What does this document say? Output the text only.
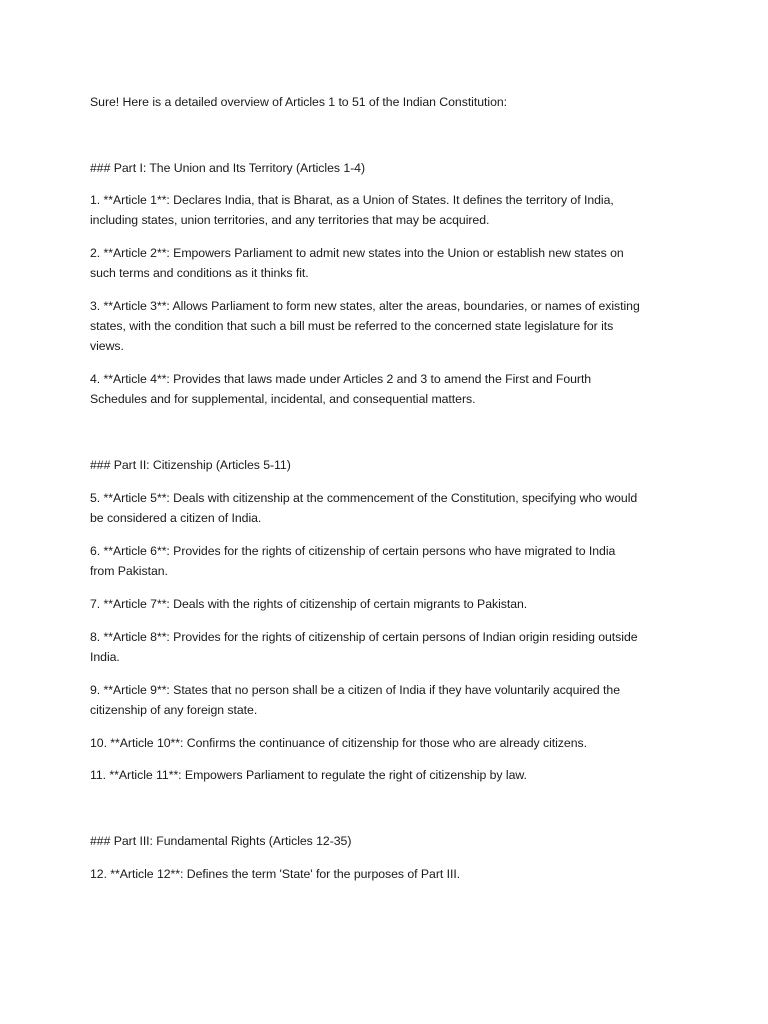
Sure! Here is a detailed overview of Articles 1 to 51 of the Indian Constitution:
### Part I: The Union and Its Territory (Articles 1-4)
1. **Article 1**: Declares India, that is Bharat, as a Union of States. It defines the territory of India,
including states, union territories, and any territories that may be acquired.
2. **Article 2**: Empowers Parliament to admit new states into the Union or establish new states on
such terms and conditions as it thinks fit.
3. **Article 3**: Allows Parliament to form new states, alter the areas, boundaries, or names of existing
states, with the condition that such a bill must be referred to the concerned state legislature for its
views.
4. **Article 4**: Provides that laws made under Articles 2 and 3 to amend the First and Fourth
Schedules and for supplemental, incidental, and consequential matters.
### Part II: Citizenship (Articles 5-11)
5. **Article 5**: Deals with citizenship at the commencement of the Constitution, specifying who would
be considered a citizen of India.
6. **Article 6**: Provides for the rights of citizenship of certain persons who have migrated to India
from Pakistan.
7. **Article 7**: Deals with the rights of citizenship of certain migrants to Pakistan.
8. **Article 8**: Provides for the rights of citizenship of certain persons of Indian origin residing outside
India.
9. **Article 9**: States that no person shall be a citizen of India if they have voluntarily acquired the
citizenship of any foreign state.
10. **Article 10**: Confirms the continuance of citizenship for those who are already citizens.
11. **Article 11**: Empowers Parliament to regulate the right of citizenship by law.
### Part III: Fundamental Rights (Articles 12-35)
12. **Article 12**: Defines the term 'State' for the purposes of Part III.
